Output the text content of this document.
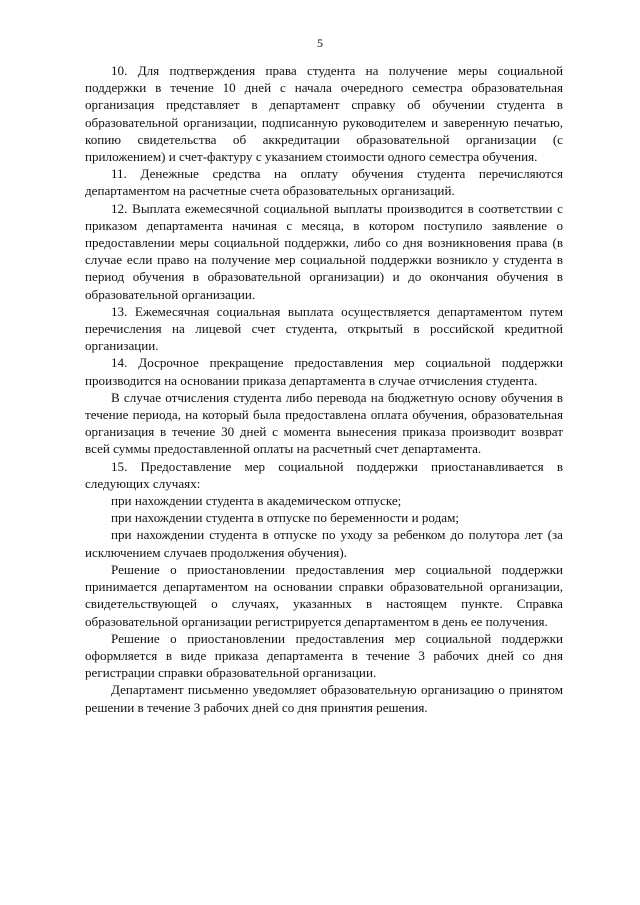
5

10. Для подтверждения права студента на получение меры социальной поддержки в течение 10 дней с начала очередного семестра образовательная организация представляет в департамент справку об обучении студента в образовательной организации, подписанную руководителем и заверенную печатью, копию свидетельства об аккредитации образовательной организации (с приложением) и счет-фактуру с указанием стоимости одного семестра обучения.

11. Денежные средства на оплату обучения студента перечисляются департаментом на расчетные счета образовательных организаций.

12. Выплата ежемесячной социальной выплаты производится в соответствии с приказом департамента начиная с месяца, в котором поступило заявление о предоставлении меры социальной поддержки, либо со дня возникновения права (в случае если право на получение мер социальной поддержки возникло у студента в период обучения в образовательной организации) и до окончания обучения в образовательной организации.

13. Ежемесячная социальная выплата осуществляется департаментом путем перечисления на лицевой счет студента, открытый в российской кредитной организации.

14. Досрочное прекращение предоставления мер социальной поддержки производится на основании приказа департамента в случае отчисления студента.

В случае отчисления студента либо перевода на бюджетную основу обучения в течение периода, на который была предоставлена оплата обучения, образовательная организация в течение 30 дней с момента вынесения приказа производит возврат всей суммы предоставленной оплаты на расчетный счет департамента.

15. Предоставление мер социальной поддержки приостанавливается в следующих случаях:

при нахождении студента в академическом отпуске;

при нахождении студента в отпуске по беременности и родам;

при нахождении студента в отпуске по уходу за ребенком до полутора лет (за исключением случаев продолжения обучения).

Решение о приостановлении предоставления мер социальной поддержки принимается департаментом на основании справки образовательной организации, свидетельствующей о случаях, указанных в настоящем пункте. Справка образовательной организации регистрируется департаментом в день ее получения.

Решение о приостановлении предоставления мер социальной поддержки оформляется в виде приказа департамента в течение 3 рабочих дней со дня регистрации справки образовательной организации.

Департамент письменно уведомляет образовательную организацию о принятом решении в течение 3 рабочих дней со дня принятия решения.
